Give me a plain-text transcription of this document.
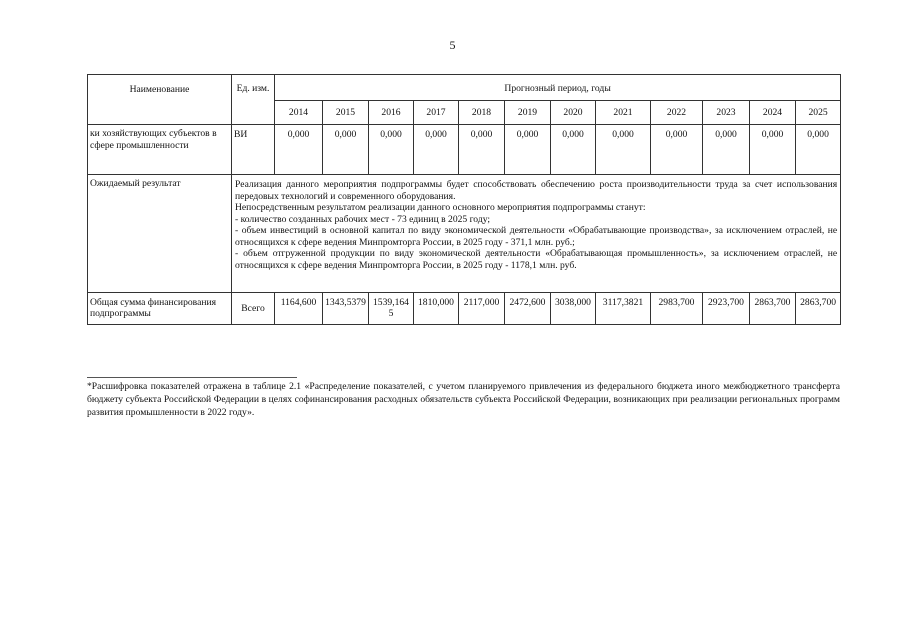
5
Наименование	Ед. изм.	Прогнозный период, годы											
		2014	2015	2016	2017	2018	2019	2020	2021	2022	2023	2024	2025
ки хозяйствующих субъектов в сфере промышленности	ВИ	0,000	0,000	0,000	0,000	0,000	0,000	0,000	0,000	0,000	0,000	0,000	0,000
Ожидаемый результат	Реализация данного мероприятия подпрограммы будет способствовать обеспечению роста производительности труда за счет использования передовых технологий и современного оборудования.
Непосредственным результатом реализации данного основного мероприятия подпрограммы станут:
- количество созданных рабочих мест - 73 единиц в 2025 году;
- объем инвестиций в основной капитал по виду экономической деятельности «Обрабатывающие производства», за исключением отраслей, не относящихся к сфере ведения Минпромторга России, в 2025 году - 371,1 млн. руб.;
- объем отгруженной продукции по виду экономической деятельности «Обрабатывающая промышленность», за исключением отраслей, не относящихся к сфере ведения Минпромторга России, в 2025 году - 1178,1 млн. руб.												

Общая сумма финансирования подпрограммы	Всего	1164,600	1343,5379	1539,1645	1810,000	2117,000	2472,600	3038,000	3117,3821	2983,700	2923,700	2863,700	2863,700
*Расшифровка показателей отражена в таблице 2.1 «Распределение показателей, с учетом планируемого привлечения из федерального бюджета иного межбюджетного трансферта бюджету субъекта Российской Федерации в целях софинансирования расходных обязательств субъекта Российской Федерации, возникающих при реализации региональных программ развития промышленности в 2022 году».
